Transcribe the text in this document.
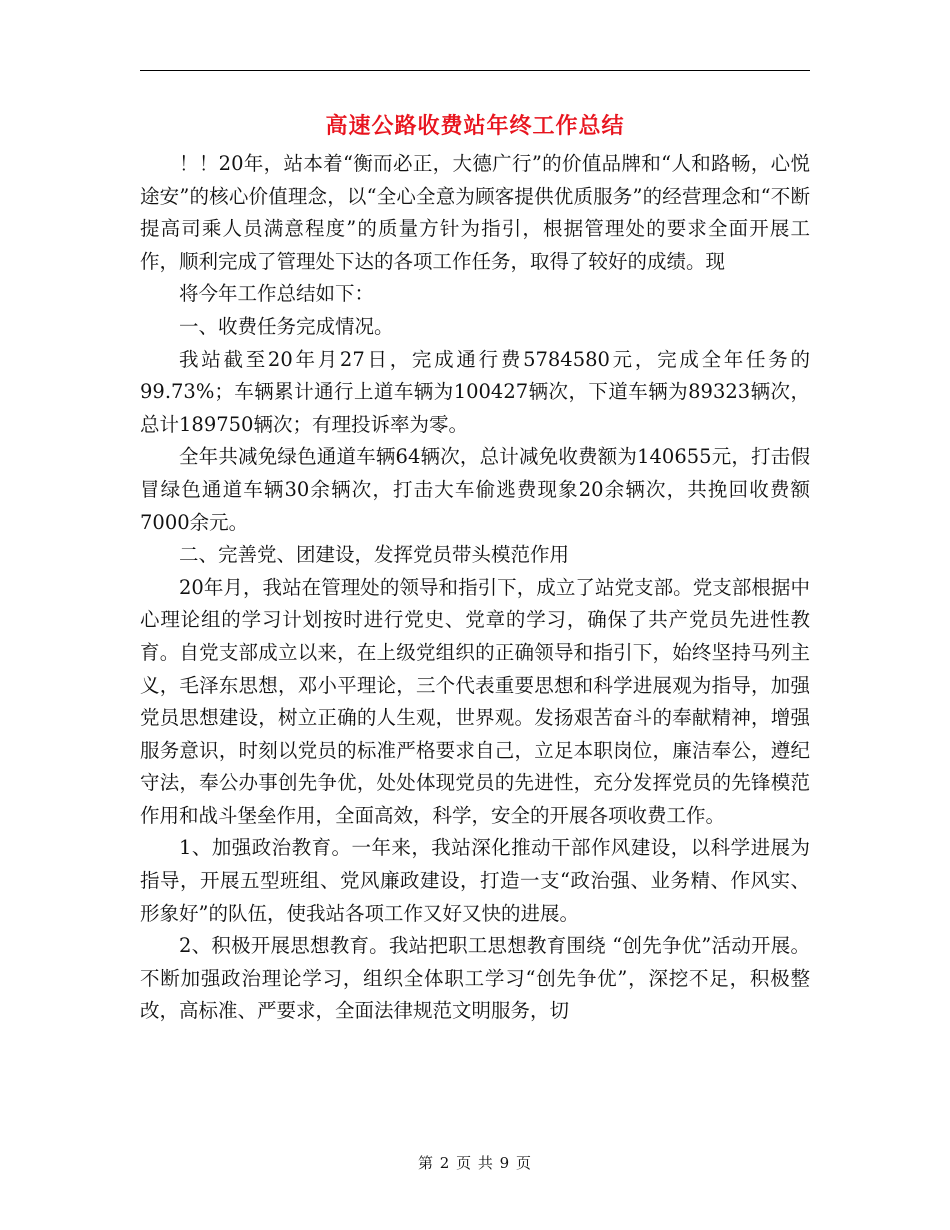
高速公路收费站年终工作总结

！！20年，站本着“衡而必正，大德广行”的价值品牌和“人和路畅，心悦途安”的核心价值理念，以“全心全意为顾客提供优质服务”的经营理念和“不断提高司乘人员满意程度”的质量方针为指引，根据管理处的要求全面开展工作，顺利完成了管理处下达的各项工作任务，取得了较好的成绩。现

将今年工作总结如下：

一、收费任务完成情况。

我站截至20年月27日，完成通行费5784580元，完成全年任务的99.73%；车辆累计通行上道车辆为100427辆次，下道车辆为89323辆次，总计189750辆次；有理投诉率为零。

全年共减免绿色通道车辆64辆次，总计减免收费额为140655元，打击假冒绿色通道车辆30余辆次，打击大车偷逃费现象20余辆次，共挽回收费额7000余元。

二、完善党、团建设，发挥党员带头模范作用

20年月，我站在管理处的领导和指引下，成立了站党支部。党支部根据中心理论组的学习计划按时进行党史、党章的学习，确保了共产党员先进性教育。自党支部成立以来，在上级党组织的正确领导和指引下，始终坚持马列主义，毛泽东思想，邓小平理论，三个代表重要思想和科学进展观为指导，加强党员思想建设，树立正确的人生观，世界观。发扬艰苦奋斗的奉献精神，增强服务意识，时刻以党员的标准严格要求自己，立足本职岗位，廉洁奉公，遵纪守法，奉公办事创先争优，处处体现党员的先进性，充分发挥党员的先锋模范作用和战斗堡垒作用，全面高效，科学，安全的开展各项收费工作。

1、加强政治教育。一年来，我站深化推动干部作风建设，以科学进展为指导，开展五型班组、党风廉政建设，打造一支“政治强、业务精、作风实、形象好”的队伍，使我站各项工作又好又快的进展。

2、积极开展思想教育。我站把职工思想教育围绕 “创先争优”活动开展。不断加强政治理论学习，组织全体职工学习“创先争优”，深挖不足，积极整改，高标准、严要求，全面法律规范文明服务，切

第 2 页 共 9 页
